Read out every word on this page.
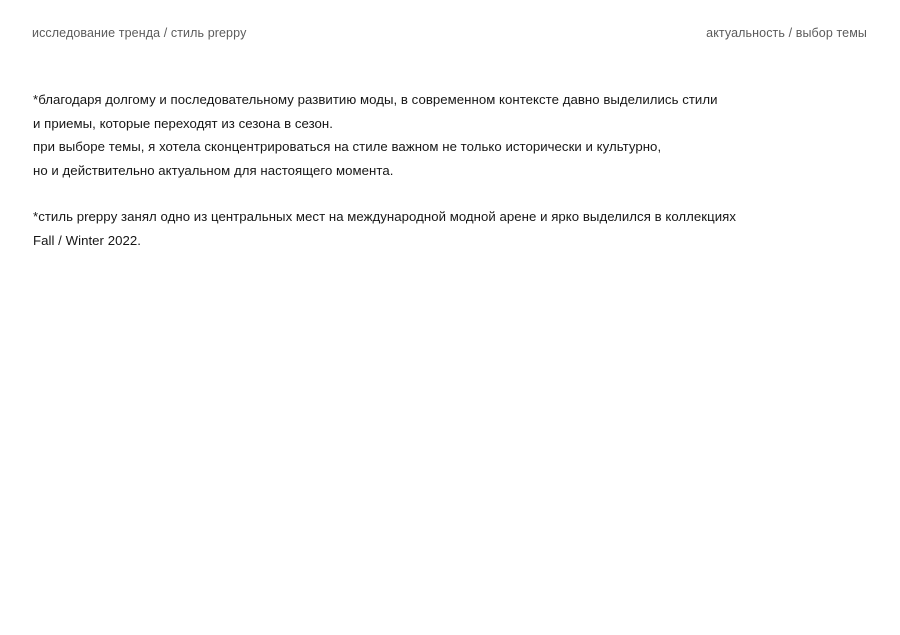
исследование тренда / стиль preppy	актуальность / выбор темы
*благодаря долгому и последовательному развитию моды, в современном контексте давно выделились стили
и приемы, которые переходят из сезона в сезон.
при выборе темы, я хотела сконцентрироваться на стиле важном не только исторически и культурно,
но и действительно актуальном для настоящего момента.
*стиль preppy занял одно из центральных мест на международной модной арене и ярко выделился в коллекциях
Fall / Winter 2022.
